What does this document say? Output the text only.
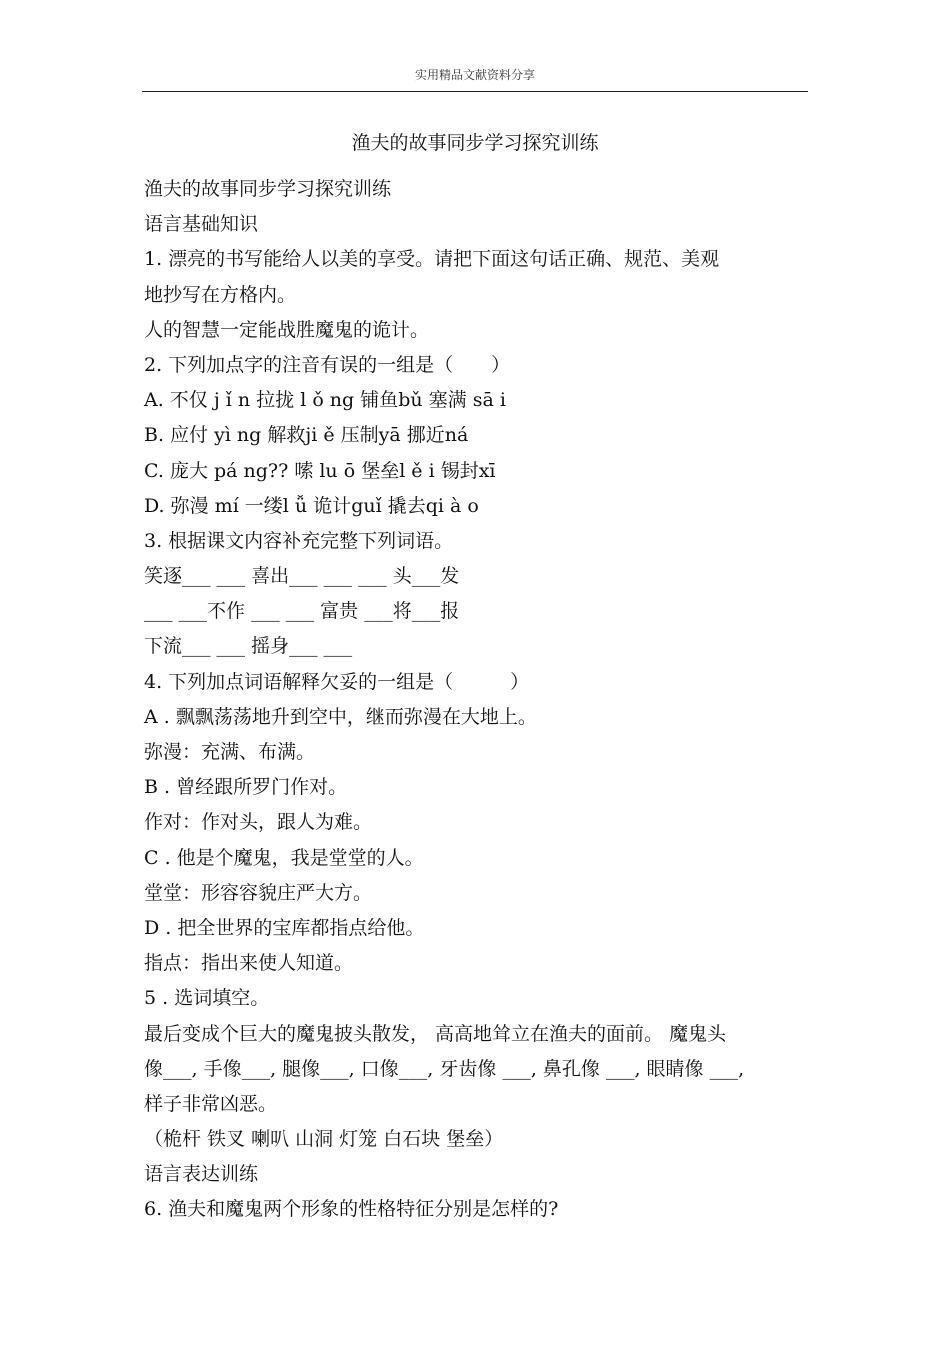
实用精品文献资料分享
渔夫的故事同步学习探究训练
渔夫的故事同步学习探究训练
语言基础知识
1. 漂亮的书写能给人以美的享受。请把下面这句话正确、规范、美观
地抄写在方格内。
人的智慧一定能战胜魔鬼的诡计。
2. 下列加点字的注音有误的一组是（　　）
A. 不仅 j ǐ n 拉拢 l ǒ ng 铺鱼bǔ 塞满 sā i
B. 应付 yì ng 解救ji ě 压制yā 挪近ná
C. 庞大 pá ng?? 嗦 lu ō 堡垒l ě i 锡封xī
D. 弥漫 mí 一缕l ǚ 诡计guǐ 撬去qi à o
3. 根据课文内容补充完整下列词语。
笑逐___ ___ 喜出___ ___ ___ 头___发
___ ___不作 ___ ___ 富贵 ___将___报
下流___ ___ 摇身___ ___
4. 下列加点词语解释欠妥的一组是（　　　）
A . 飘飘荡荡地升到空中，继而弥漫在大地上。
弥漫：充满、布满。
B . 曾经跟所罗门作对。
作对：作对头，跟人为难。
C . 他是个魔鬼，我是堂堂的人。
堂堂：形容容貌庄严大方。
D . 把全世界的宝库都指点给他。
指点：指出来使人知道。
5 . 选词填空。
最后变成个巨大的魔鬼披头散发， 高高地耸立在渔夫的面前。 魔鬼头
像___, 手像___, 腿像___, 口像___, 牙齿像 ___, 鼻孔像 ___, 眼睛像 ___,
样子非常凶恶。
（桅杆 铁叉 喇叭 山洞 灯笼 白石块 堡垒）
语言表达训练
6. 渔夫和魔鬼两个形象的性格特征分别是怎样的?
